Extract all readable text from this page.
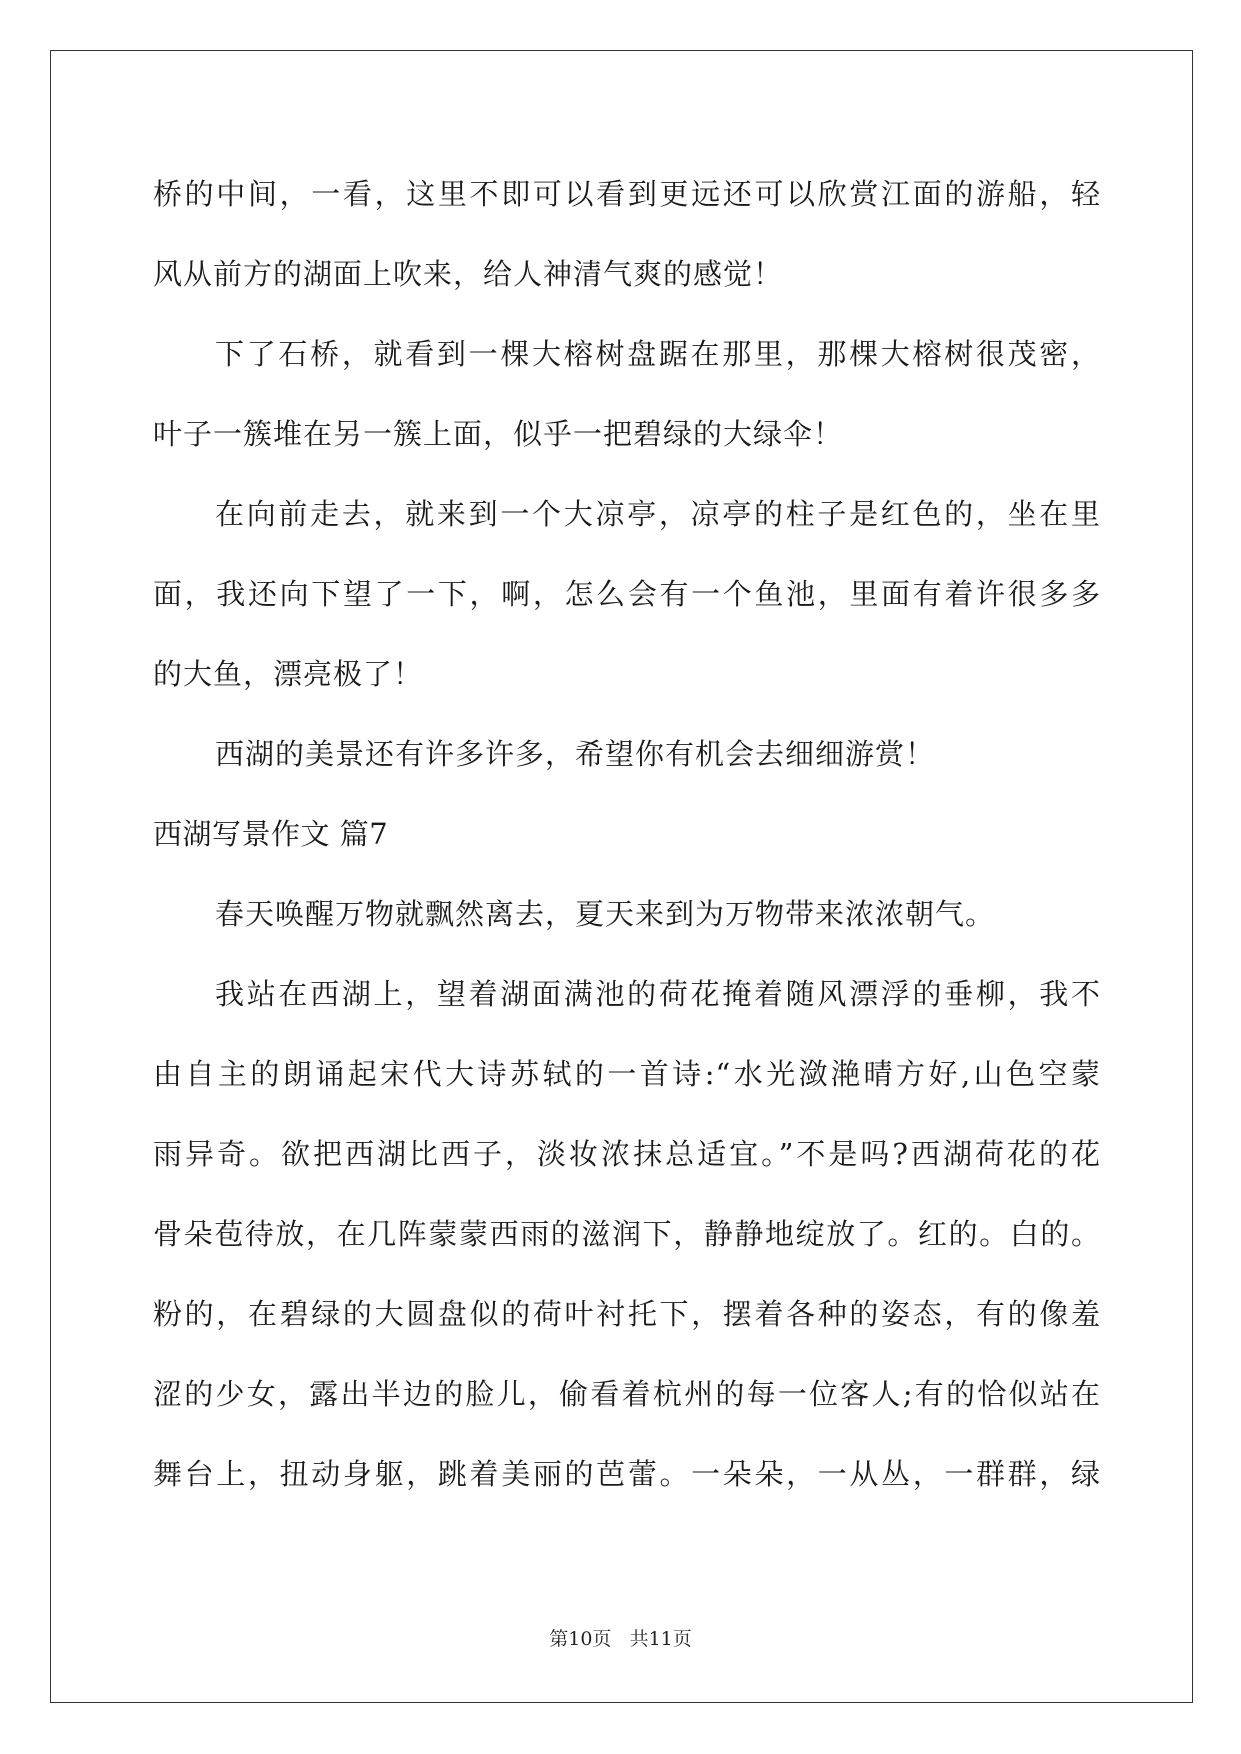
桥的中间，一看，这里不即可以看到更远还可以欣赏江面的游船，轻
风从前方的湖面上吹来，给人神清气爽的感觉！
下了石桥，就看到一棵大榕树盘踞在那里，那棵大榕树很茂密，
叶子一簇堆在另一簇上面，似乎一把碧绿的大绿伞！
在向前走去，就来到一个大凉亭，凉亭的柱子是红色的，坐在里
面，我还向下望了一下，啊，怎么会有一个鱼池，里面有着许很多多
的大鱼，漂亮极了！
西湖的美景还有许多许多，希望你有机会去细细游赏！
西湖写景作文 篇7
春天唤醒万物就飘然离去，夏天来到为万物带来浓浓朝气。
我站在西湖上，望着湖面满池的荷花掩着随风漂浮的垂柳，我不
由自主的朗诵起宋代大诗苏轼的一首诗:“水光潋滟晴方好,山色空蒙
雨异奇。欲把西湖比西子，淡妆浓抹总适宜。”不是吗?西湖荷花的花
骨朵苞待放，在几阵蒙蒙西雨的滋润下，静静地绽放了。红的。白的。
粉的，在碧绿的大圆盘似的荷叶衬托下，摆着各种的姿态，有的像羞
涩的少女，露出半边的脸儿，偷看着杭州的每一位客人;有的恰似站在
舞台上，扭动身躯，跳着美丽的芭蕾。一朵朵，一从丛，一群群，绿
第10页 共11页
